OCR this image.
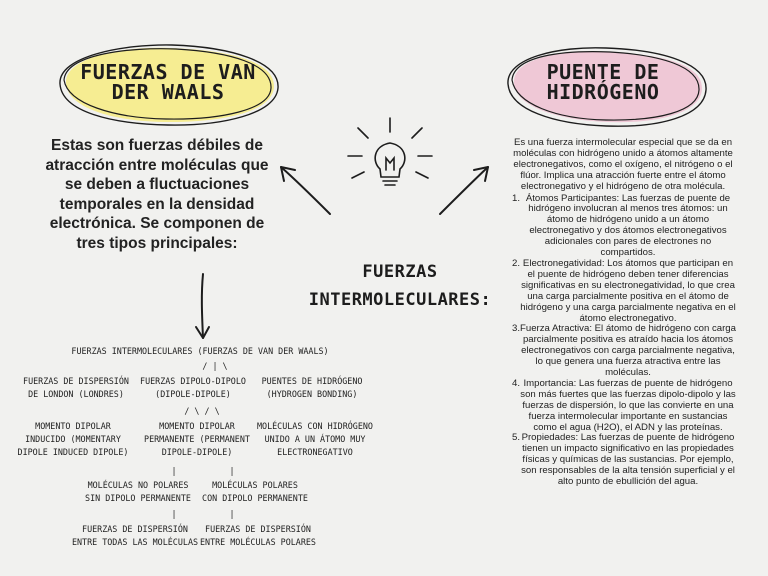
FUERZAS DE VAN
DER WAALS
PUENTE DE
HIDRÓGENO
Estas son fuerzas débiles de atracción entre moléculas que se deben a fluctuaciones temporales en la densidad electrónica. Se componen de tres tipos principales:
FUERZAS
INTERMOLECULARES:
FUERZAS INTERMOLECULARES (FUERZAS DE VAN DER WAALS)
/ | \
FUERZAS DE DISPERSIÓN
DE LONDON (LONDRES)
FUERZAS DIPOLO-DIPOLO
(DIPOLE-DIPOLE)
PUENTES DE HIDRÓGENO
(HYDROGEN BONDING)
/ \ / \
MOMENTO DIPOLAR
INDUCIDO (MOMENTARY
DIPOLE INDUCED DIPOLE)
MOMENTO DIPOLAR
PERMANENTE (PERMANENT
DIPOLE-DIPOLE)
MOLÉCULAS CON HIDRÓGENO
UNIDO A UN ÁTOMO MUY
ELECTRONEGATIVO
|	|
MOLÉCULAS NO POLARES
SIN DIPOLO PERMANENTE
MOLÉCULAS POLARES
CON DIPOLO PERMANENTE
|	|
FUERZAS DE DISPERSIÓN
ENTRE TODAS LAS MOLÉCULAS
FUERZAS DE DISPERSIÓN
ENTRE MOLÉCULAS POLARES
Es una fuerza intermolecular especial que se da en moléculas con hidrógeno unido a átomos altamente electronegativos, como el oxígeno, el nitrógeno o el flúor. Implica una atracción fuerte entre el átomo electronegativo y el hidrógeno de otra molécula.
1. Átomos Participantes: Las fuerzas de puente de hidrógeno involucran al menos tres átomos: un átomo de hidrógeno unido a un átomo electronegativo y dos átomos electronegativos adicionales con pares de electrones no compartidos.
2. Electronegatividad: Los átomos que participan en el puente de hidrógeno deben tener diferencias significativas en su electronegatividad, lo que crea una carga parcialmente positiva en el átomo de hidrógeno y una carga parcialmente negativa en el átomo electronegativo.
3. Fuerza Atractiva: El átomo de hidrógeno con carga parcialmente positiva es atraído hacia los átomos electronegativos con carga parcialmente negativa, lo que genera una fuerza atractiva entre las moléculas.
4. Importancia: Las fuerzas de puente de hidrógeno son más fuertes que las fuerzas dipolo-dipolo y las fuerzas de dispersión, lo que las convierte en una fuerza intermolecular importante en sustancias como el agua (H2O), el ADN y las proteínas.
5. Propiedades: Las fuerzas de puente de hidrógeno tienen un impacto significativo en las propiedades físicas y químicas de las sustancias. Por ejemplo, son responsables de la alta tensión superficial y el alto punto de ebullición del agua.
